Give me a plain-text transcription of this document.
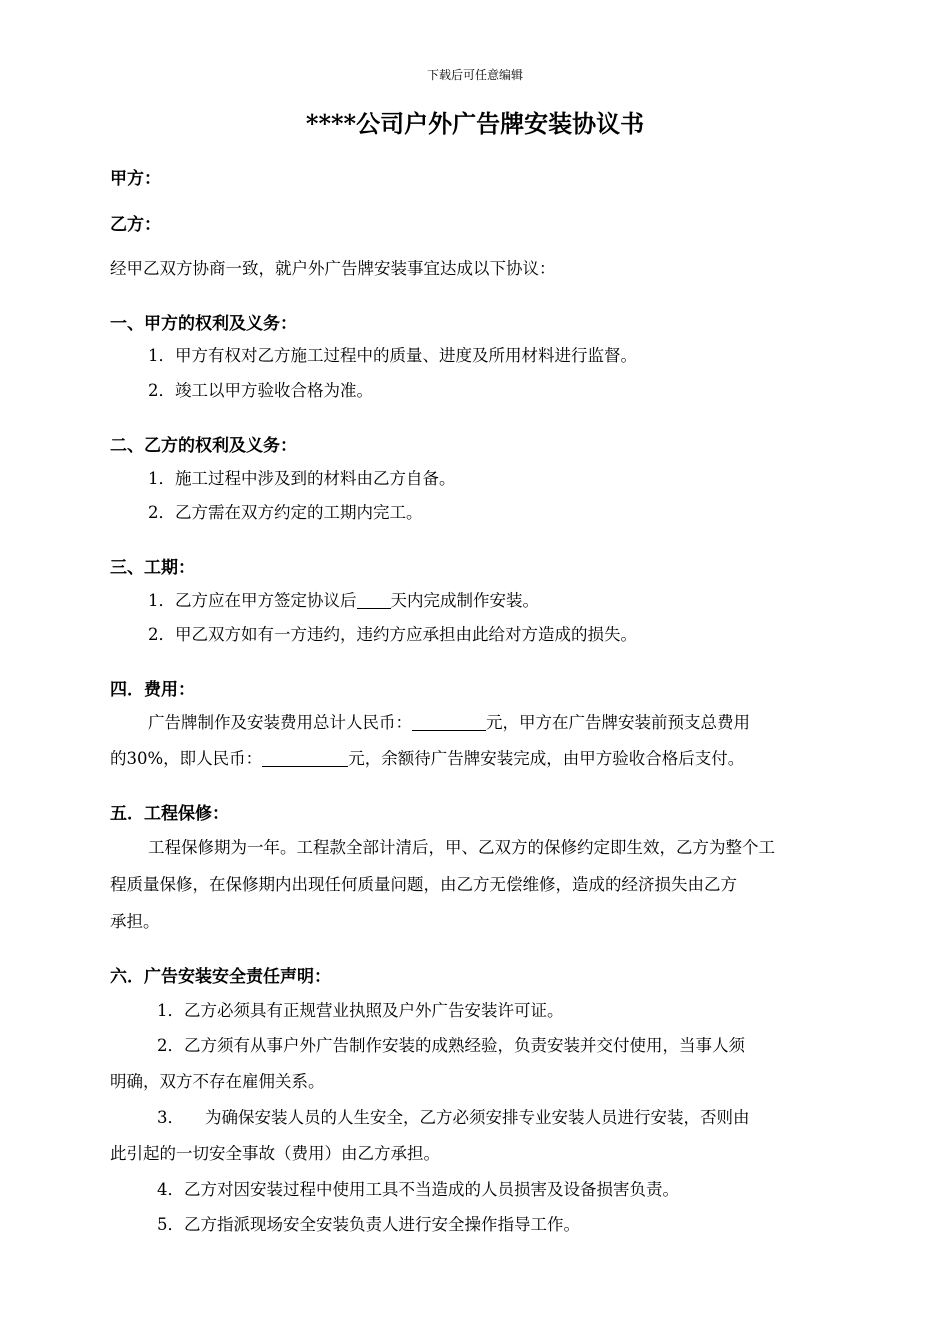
下载后可任意编辑
****公司户外广告牌安装协议书
甲方：
乙方：
经甲乙双方协商一致，就户外广告牌安装事宜达成以下协议：
一、甲方的权利及义务：
1．甲方有权对乙方施工过程中的质量、进度及所用材料进行监督。
2．竣工以甲方验收合格为准。
二、乙方的权利及义务：
1．施工过程中涉及到的材料由乙方自备。
2．乙方需在双方约定的工期内完工。
三、工期：
1．乙方应在甲方签定协议后 天内完成制作安装。
2．甲乙双方如有一方违约，违约方应承担由此给对方造成的损失。
四．费用：
广告牌制作及安装费用总计人民币：	元，甲方在广告牌安装前预支总费用
的30%，即人民币：	元，余额待广告牌安装完成，由甲方验收合格后支付。
五．工程保修：
工程保修期为一年。工程款全部计清后，甲、乙双方的保修约定即生效，乙方为整个工
程质量保修，在保修期内出现任何质量问题，由乙方无偿维修，造成的经济损失由乙方
承担。
六．广告安装安全责任声明：
1．乙方必须具有正规营业执照及户外广告安装许可证。
2．乙方须有从事户外广告制作安装的成熟经验，负责安装并交付使用，当事人须
明确，双方不存在雇佣关系。
3． 为确保安装人员的人生安全，乙方必须安排专业安装人员进行安装，否则由
此引起的一切安全事故（费用）由乙方承担。
4．乙方对因安装过程中使用工具不当造成的人员损害及设备损害负责。
5．乙方指派现场安全安装负责人进行安全操作指导工作。
